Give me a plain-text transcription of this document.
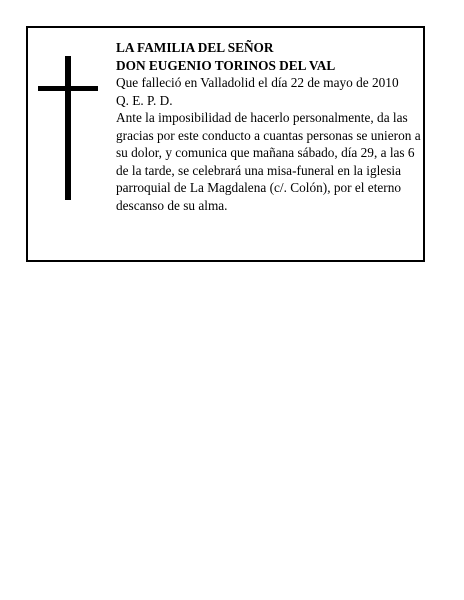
LA FAMILIA DEL SEÑOR

DON EUGENIO TORINOS DEL VAL

Que falleció en Valladolid el día 22 de mayo de 2010

Q. E. P. D.

Ante la imposibilidad de hacerlo personalmente, da las gracias por este conducto a cuantas personas se unieron a su dolor, y comunica que mañana sábado, día 29, a las 6 de la tarde, se celebrará una misa-funeral en la iglesia parroquial de La Magdalena (c/. Colón), por el eterno descanso de su alma.
